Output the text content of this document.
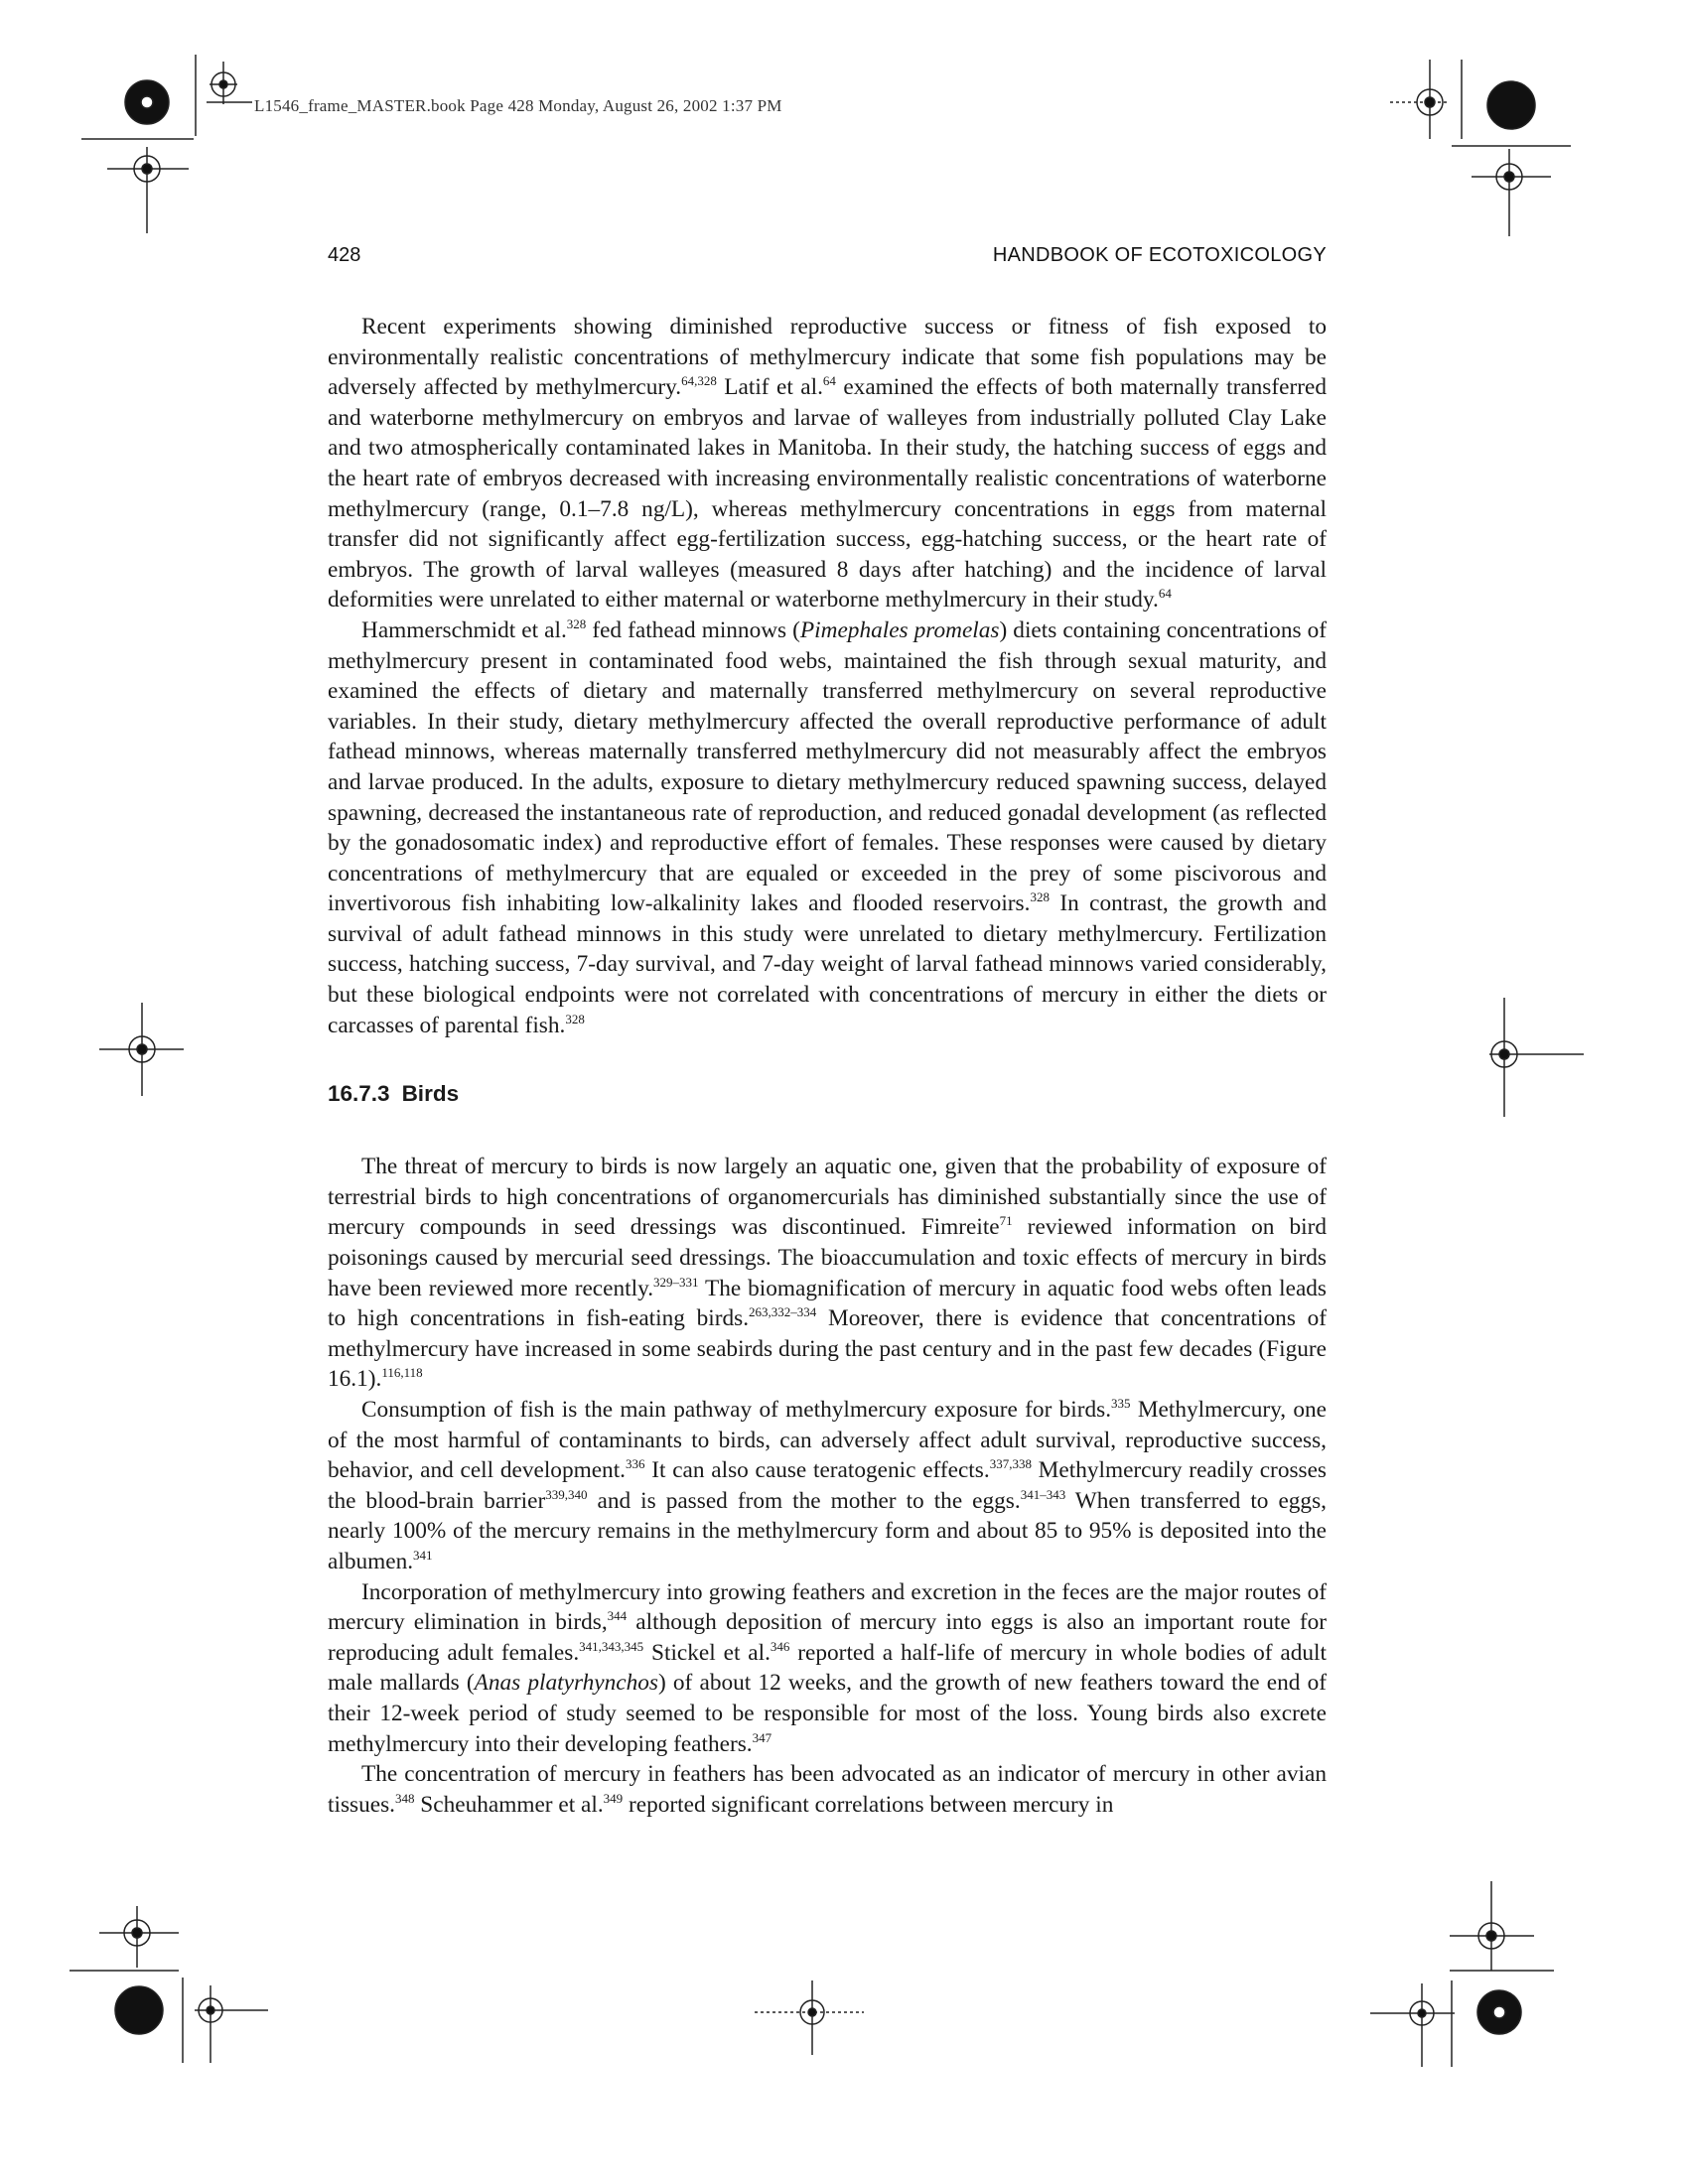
L1546_frame_MASTER.book Page 428 Monday, August 26, 2002 1:37 PM
428	HANDBOOK OF ECOTOXICOLOGY

Recent experiments showing diminished reproductive success or fitness of fish exposed to environmentally realistic concentrations of methylmercury indicate that some fish populations may be adversely affected by methylmercury.$^{64,328}$ Latif et al.$^{64}$ examined the effects of both maternally transferred and waterborne methylmercury on embryos and larvae of walleyes from industrially polluted Clay Lake and two atmospherically contaminated lakes in Manitoba. In their study, the hatching success of eggs and the heart rate of embryos decreased with increasing environmentally realistic concentrations of waterborne methylmercury (range, 0.1–7.8 ng/L), whereas methylmercury concentrations in eggs from maternal transfer did not significantly affect egg-fertilization success, egg-hatching success, or the heart rate of embryos. The growth of larval walleyes (measured 8 days after hatching) and the incidence of larval deformities were unrelated to either maternal or waterborne methylmercury in their study.$^{64}$

Hammerschmidt et al.$^{328}$ fed fathead minnows (Pimephales promelas) diets containing concentrations of methylmercury present in contaminated food webs, maintained the fish through sexual maturity, and examined the effects of dietary and maternally transferred methylmercury on several reproductive variables. In their study, dietary methylmercury affected the overall reproductive performance of adult fathead minnows, whereas maternally transferred methylmercury did not measurably affect the embryos and larvae produced. In the adults, exposure to dietary methylmercury reduced spawning success, delayed spawning, decreased the instantaneous rate of reproduction, and reduced gonadal development (as reflected by the gonadosomatic index) and reproductive effort of females. These responses were caused by dietary concentrations of methylmercury that are equaled or exceeded in the prey of some piscivorous and invertivorous fish inhabiting low-alkalinity lakes and flooded reservoirs.$^{328}$ In contrast, the growth and survival of adult fathead minnows in this study were unrelated to dietary methylmercury. Fertilization success, hatching success, 7-day survival, and 7-day weight of larval fathead minnows varied considerably, but these biological endpoints were not correlated with concentrations of mercury in either the diets or carcasses of parental fish.$^{328}$

16.7.3 Birds

The threat of mercury to birds is now largely an aquatic one, given that the probability of exposure of terrestrial birds to high concentrations of organomercurials has diminished substantially since the use of mercury compounds in seed dressings was discontinued. Fimreite$^{71}$ reviewed information on bird poisonings caused by mercurial seed dressings. The bioaccumulation and toxic effects of mercury in birds have been reviewed more recently.$^{329-331}$ The biomagnification of mercury in aquatic food webs often leads to high concentrations in fish-eating birds.$^{263,332-334}$ Moreover, there is evidence that concentrations of methylmercury have increased in some seabirds during the past century and in the past few decades (Figure 16.1).$^{116,118}$

Consumption of fish is the main pathway of methylmercury exposure for birds.$^{335}$ Methylmercury, one of the most harmful of contaminants to birds, can adversely affect adult survival, reproductive success, behavior, and cell development.$^{336}$ It can also cause teratogenic effects.$^{337,338}$ Methylmercury readily crosses the blood-brain barrier$^{339,340}$ and is passed from the mother to the eggs.$^{341-343}$ When transferred to eggs, nearly 100% of the mercury remains in the methylmercury form and about 85 to 95% is deposited into the albumen.$^{341}$

Incorporation of methylmercury into growing feathers and excretion in the feces are the major routes of mercury elimination in birds,$^{344}$ although deposition of mercury into eggs is also an important route for reproducing adult females.$^{341,343,345}$ Stickel et al.$^{346}$ reported a half-life of mercury in whole bodies of adult male mallards (Anas platyrhynchos) of about 12 weeks, and the growth of new feathers toward the end of their 12-week period of study seemed to be responsible for most of the loss. Young birds also excrete methylmercury into their developing feathers.$^{347}$

The concentration of mercury in feathers has been advocated as an indicator of mercury in other avian tissues.$^{348}$ Scheuhammer et al.$^{349}$ reported significant correlations between mercury in
